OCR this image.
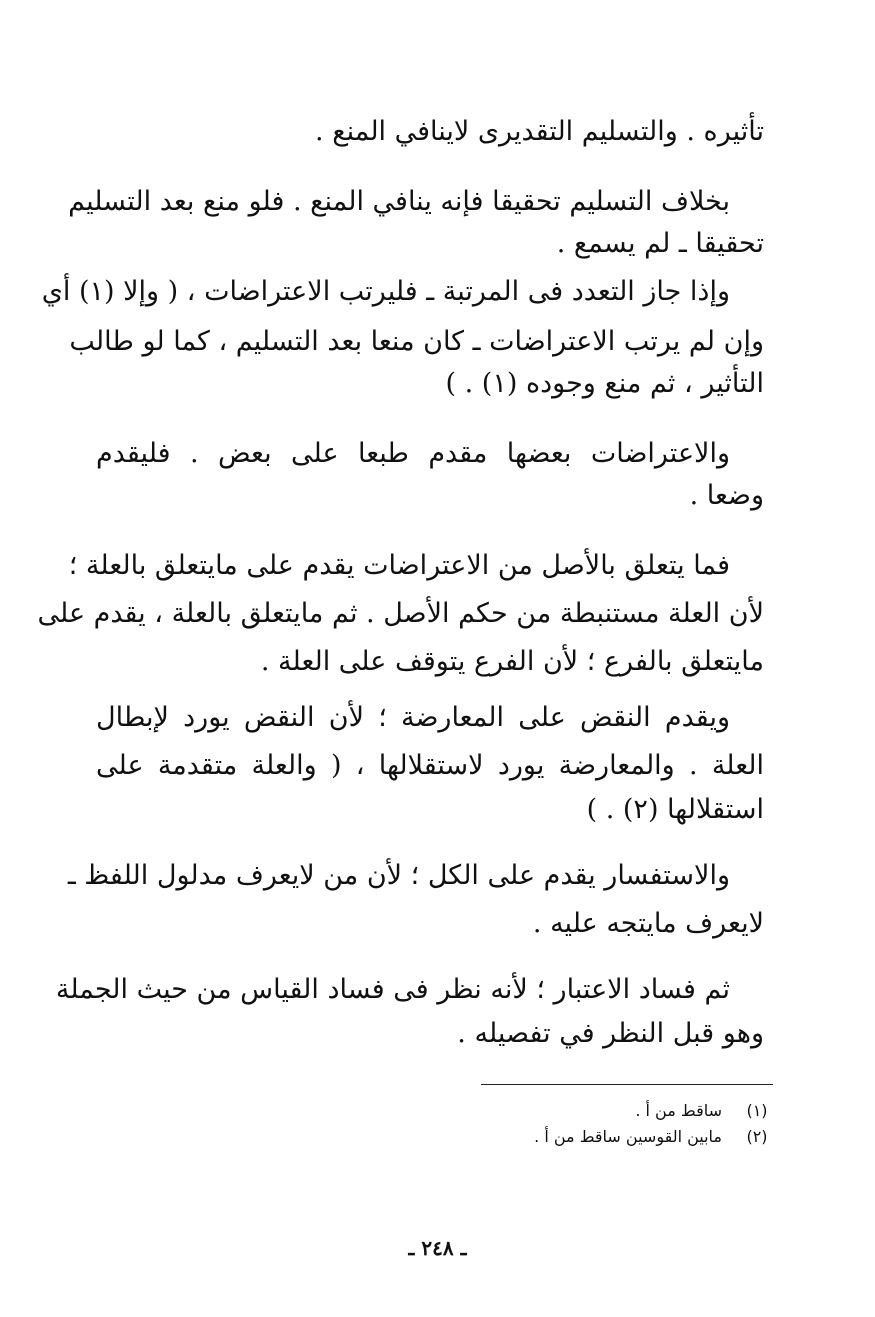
تأثيره . والتسليم التقديرى لاينافي المنع .
بخلاف التسليم تحقيقا فإنه ينافي المنع . فلو منع بعد التسليم
تحقيقا ـ لم يسمع .
وإذا جاز التعدد فى المرتبة ـ فليرتب الاعتراضات ، ( وإلا (١) أي
وإن لم يرتب الاعتراضات ـ كان منعا بعد التسليم ، كما لو طالب
التأثير ، ثم منع وجوده (١) . )
والاعتراضات بعضها مقدم طبعا على بعض . فليقدم
وضعا .
فما يتعلق بالأصل من الاعتراضات يقدم على مايتعلق بالعلة ؛
لأن العلة مستنبطة من حكم الأصل . ثم مايتعلق بالعلة ، يقدم على
مايتعلق بالفرع ؛ لأن الفرع يتوقف على العلة .
ويقدم النقض على المعارضة ؛ لأن النقض يورد لإبطال
العلة . والمعارضة يورد لاستقلالها ، ( والعلة متقدمة على
استقلالها (٢) . )
والاستفسار يقدم على الكل ؛ لأن من لايعرف مدلول اللفظ ـ
لايعرف مايتجه عليه .
ثم فساد الاعتبار ؛ لأنه نظر فى فساد القياس من حيث الجملة
وهو قبل النظر في تفصيله .
(١)
ساقط من أ .
(٢)
مابين القوسين ساقط من أ .
ـ ٢٤٨ ـ
